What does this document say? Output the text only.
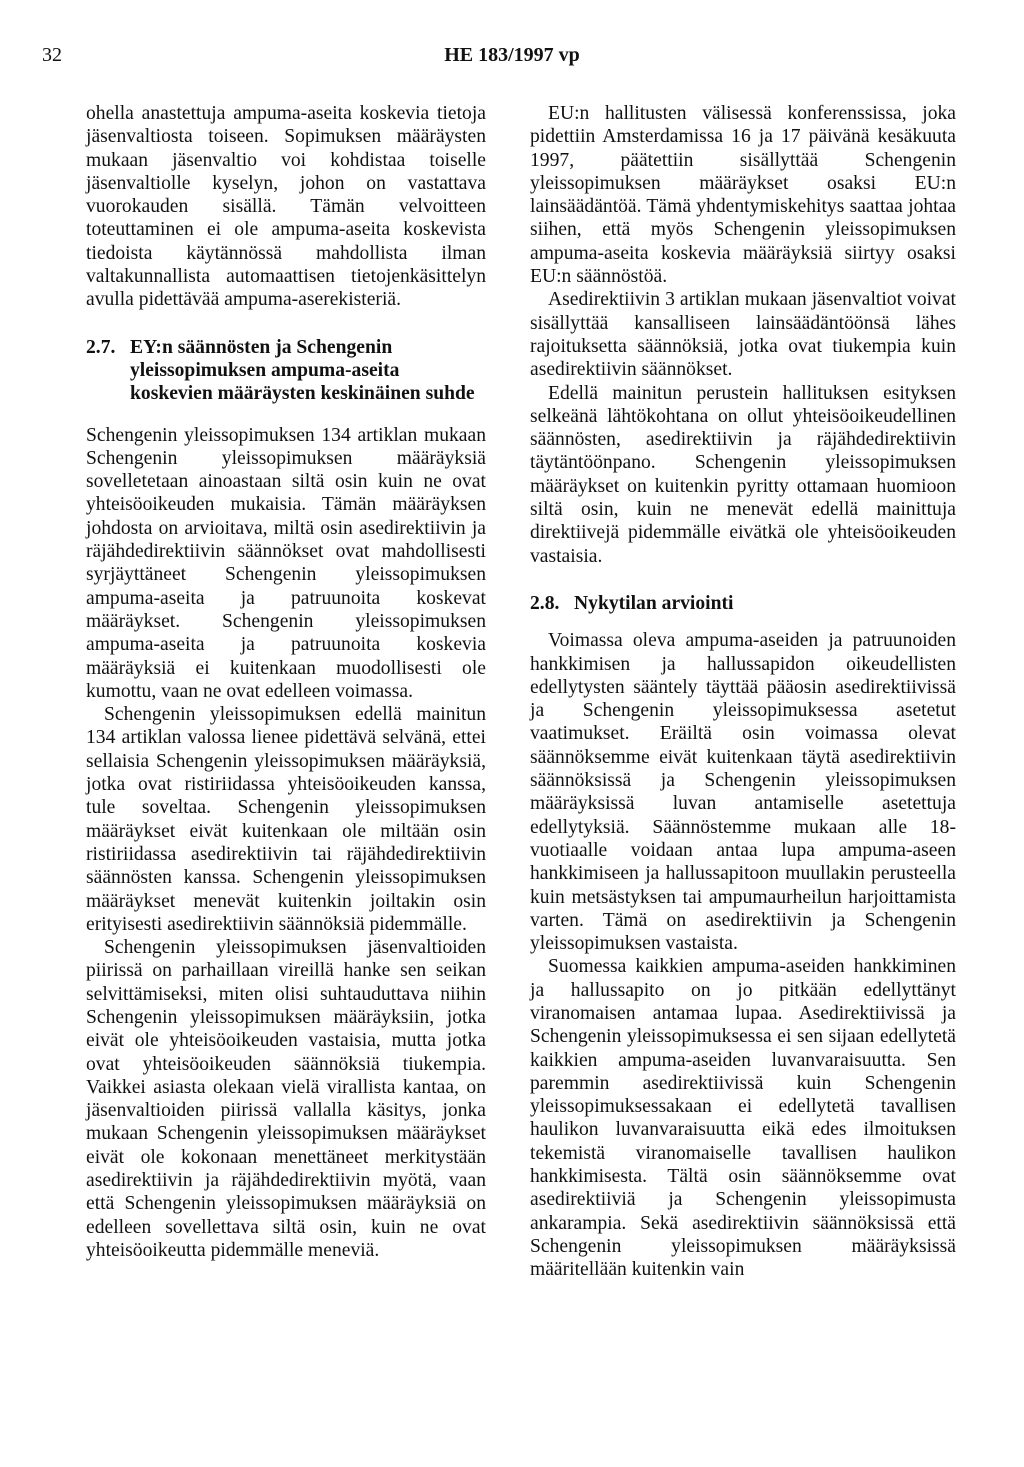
32	HE 183/1997 vp

ohella anastettuja ampuma-aseita koskevia tietoja jäsenvaltiosta toiseen. Sopimuksen määräysten mukaan jäsenvaltio voi kohdistaa toiselle jäsenvaltiolle kyselyn, johon on vastattava vuorokauden sisällä. Tämän velvoitteen toteuttaminen ei ole ampuma-aseita koskevista tiedoista käytännössä mahdollista ilman valtakunnallista automaattisen tietojenkäsittelyn avulla pidettävää ampuma-aserekisteriä.

2.7. EY:n säännösten ja Schengenin yleissopimuksen ampuma-aseita koskevien määräysten keskinäinen suhde

Schengenin yleissopimuksen 134 artiklan mukaan Schengenin yleissopimuksen määräyksiä sovelletetaan ainoastaan siltä osin kuin ne ovat yhteisöoikeuden mukaisia. Tämän määräyksen johdosta on arvioitava, miltä osin asedirektiivin ja räjähdedirektiivin säännökset ovat mahdollisesti syrjäyttäneet Schengenin yleissopimuksen ampuma-aseita ja patruunoita koskevat määräykset. Schengenin yleissopimuksen ampuma-aseita ja patruunoita koskevia määräyksiä ei kuitenkaan muodollisesti ole kumottu, vaan ne ovat edelleen voimassa.

Schengenin yleissopimuksen edellä mainitun 134 artiklan valossa lienee pidettävä selvänä, ettei sellaisia Schengenin yleissopimuksen määräyksiä, jotka ovat ristiriidassa yhteisöoikeuden kanssa, tule soveltaa. Schengenin yleissopimuksen määräykset eivät kuitenkaan ole miltään osin ristiriidassa asedirektiivin tai räjähdedirektiivin säännösten kanssa. Schengenin yleissopimuksen määräykset menevät kuitenkin joiltakin osin erityisesti asedirektiivin säännöksiä pidemmälle.

Schengenin yleissopimuksen jäsenvaltioiden piirissä on parhaillaan vireillä hanke sen seikan selvittämiseksi, miten olisi suhtauduttava niihin Schengenin yleissopimuksen määräyksiin, jotka eivät ole yhteisöoikeuden vastaisia, mutta jotka ovat yhteisöoikeuden säännöksiä tiukempia. Vaikkei asiasta olekaan vielä virallista kantaa, on jäsenvaltioiden piirissä vallalla käsitys, jonka mukaan Schengenin yleissopimuksen määräykset eivät ole kokonaan menettäneet merkitystään asedirektiivin ja räjähdedirektiivin myötä, vaan että Schengenin yleissopimuksen määräyksiä on edelleen sovellettava siltä osin, kuin ne ovat yhteisöoikeutta pidemmälle meneviä.

EU:n hallitusten välisessä konferenssissa, joka pidettiin Amsterdamissa 16 ja 17 päivänä kesäkuuta 1997, päätettiin sisällyttää Schengenin yleissopimuksen määräykset osaksi EU:n lainsäädäntöä. Tämä yhdentymiskehitys saattaa johtaa siihen, että myös Schengenin yleissopimuksen ampuma-aseita koskevia määräyksiä siirtyy osaksi EU:n säännöstöä.

Asedirektiivin 3 artiklan mukaan jäsenvaltiot voivat sisällyttää kansalliseen lainsäädäntöönsä lähes rajoituksetta säännöksiä, jotka ovat tiukempia kuin asedirektiivin säännökset.

Edellä mainitun perustein hallituksen esityksen selkeänä lähtökohtana on ollut yhteisöoikeudellinen säännösten, asedirektiivin ja räjähdedirektiivin täytäntöönpano. Schengenin yleissopimuksen määräykset on kuitenkin pyritty ottamaan huomioon siltä osin, kuin ne menevät edellä mainittuja direktiivejä pidemmälle eivätkä ole yhteisöoikeuden vastaisia.

2.8. Nykytilan arviointi

Voimassa oleva ampuma-aseiden ja patruunoiden hankkimisen ja hallussapidon oikeudellisten edellytysten sääntely täyttää pääosin asedirektiivissä ja Schengenin yleissopimuksessa asetetut vaatimukset. Eräiltä osin voimassa olevat säännöksemme eivät kuitenkaan täytä asedirektiivin säännöksissä ja Schengenin yleissopimuksen määräyksissä luvan antamiselle asetettuja edellytyksiä. Säännöstemme mukaan alle 18-vuotiaalle voidaan antaa lupa ampuma-aseen hankkimiseen ja hallussapitoon muullakin perusteella kuin metsästyksen tai ampumaurheilun harjoittamista varten. Tämä on asedirektiivin ja Schengenin yleissopimuksen vastaista.

Suomessa kaikkien ampuma-aseiden hankkiminen ja hallussapito on jo pitkään edellyttänyt viranomaisen antamaa lupaa. Asedirektiivissä ja Schengenin yleissopimuksessa ei sen sijaan edellytetä kaikkien ampuma-aseiden luvanvaraisuutta. Sen paremmin asedirektiivissä kuin Schengenin yleissopimuksessakaan ei edellytetä tavallisen haulikon luvanvaraisuutta eikä edes ilmoituksen tekemistä viranomaiselle tavallisen haulikon hankkimisesta. Tältä osin säännöksemme ovat asedirektiiviä ja Schengenin yleissopimusta ankarampia. Sekä asedirektiivin säännöksissä että Schengenin yleissopimuksen määräyksissä määritellään kuitenkin vain
